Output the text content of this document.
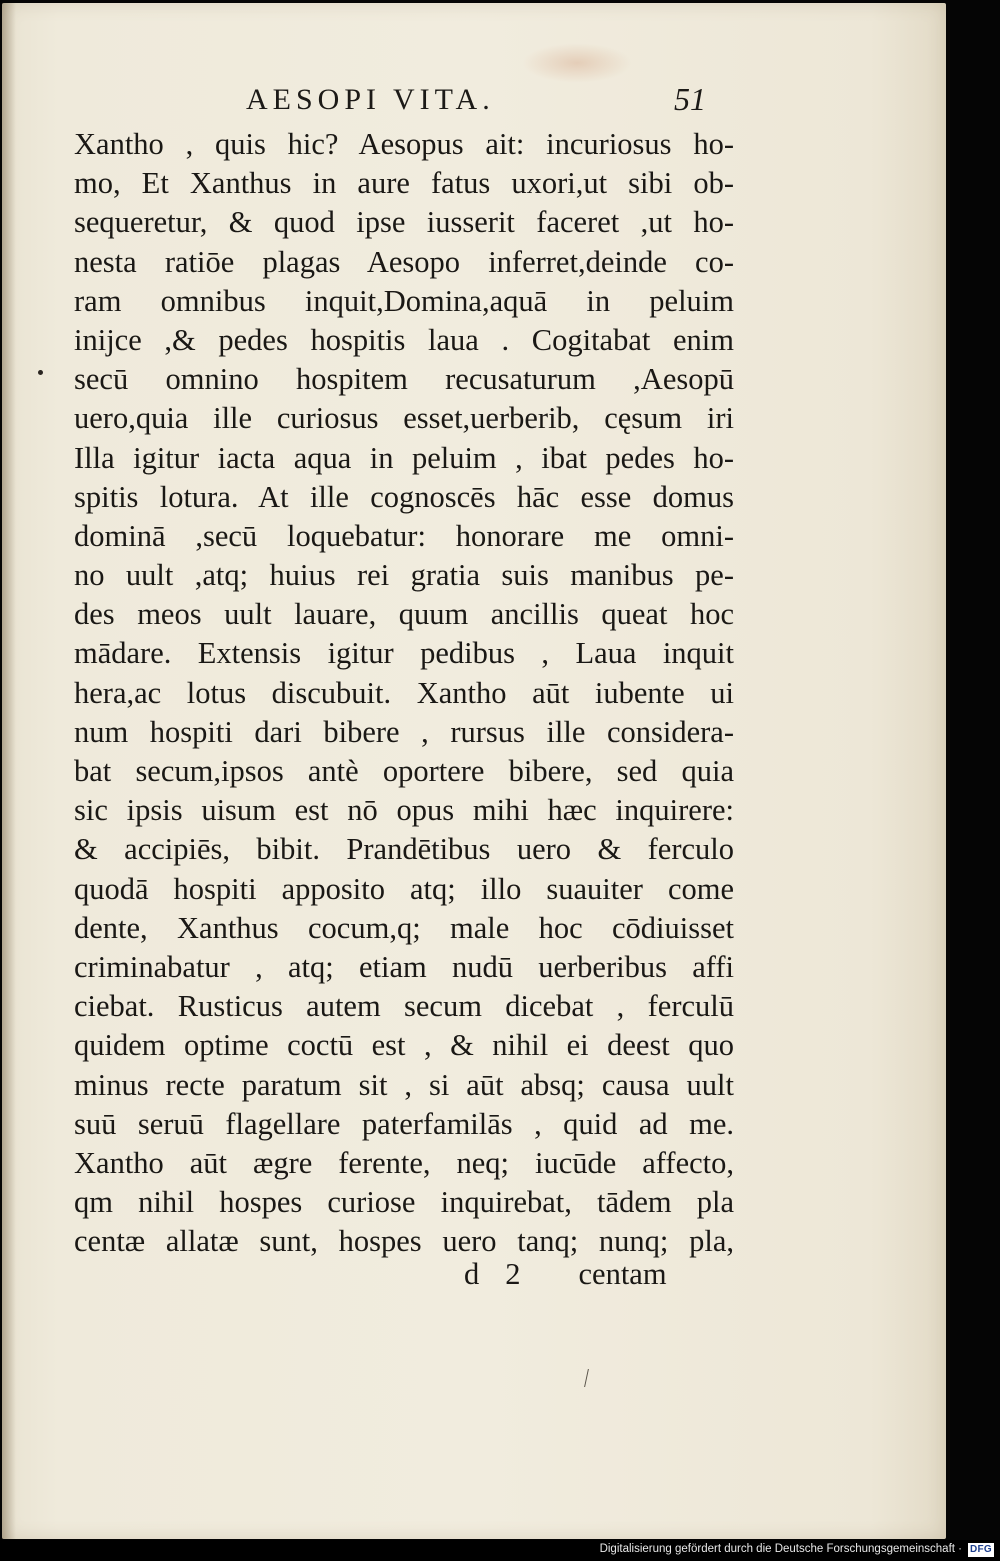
AESOPI VITA.	51
Xantho , quis hic? Aesopus ait: incuriosus ho-
mo, Et Xanthus in aure fatus uxori,ut sibi ob-
sequeretur, & quod ipse iusserit faceret ,ut ho-
nesta ratiōe plagas Aesopo inferret,deinde co-
ram omnibus inquit,Domina,aquā in peluim
inijce ,& pedes hospitis laua . Cogitabat enim
secū omnino hospitem recusaturum ,Aesopū
uero,quia ille curiosus esset,uerberib, cęsum iri
Illa igitur iacta aqua in peluim , ibat pedes ho-
spitis lotura. At ille cognoscēs hāc esse domus
dominā ,secū loquebatur: honorare me omni-
no uult ,atq; huius rei gratia suis manibus pe-
des meos uult lauare, quum ancillis queat hoc
mādare. Extensis igitur pedibus , Laua inquit
hera,ac lotus discubuit. Xantho aūt iubente ui
num hospiti dari bibere , rursus ille considera-
bat secum,ipsos antè oportere bibere, sed quia
sic ipsis uisum est nō opus mihi hæc inquirere:
& accipiēs, bibit. Prandētibus uero & ferculo
quodā hospiti apposito atq; illo suauiter come
dente, Xanthus cocum,q; male hoc cōdiuisset
criminabatur , atq; etiam nudū uerberibus affi
ciebat. Rusticus autem secum dicebat , ferculū
quidem optime coctū est , & nihil ei deest quo
minus recte paratum sit , si aūt absq; causa uult
suū seruū flagellare paterfamilās , quid ad me.
Xantho aūt ægre ferente, neq; iucūde affecto,
qm nihil hospes curiose inquirebat, tādem pla
centæ allatæ sunt, hospes uero tanq; nunq; pla,
d 2 centam
Digitalisierung gefördert durch die Deutsche Forschungsgemeinschaft · DFG
